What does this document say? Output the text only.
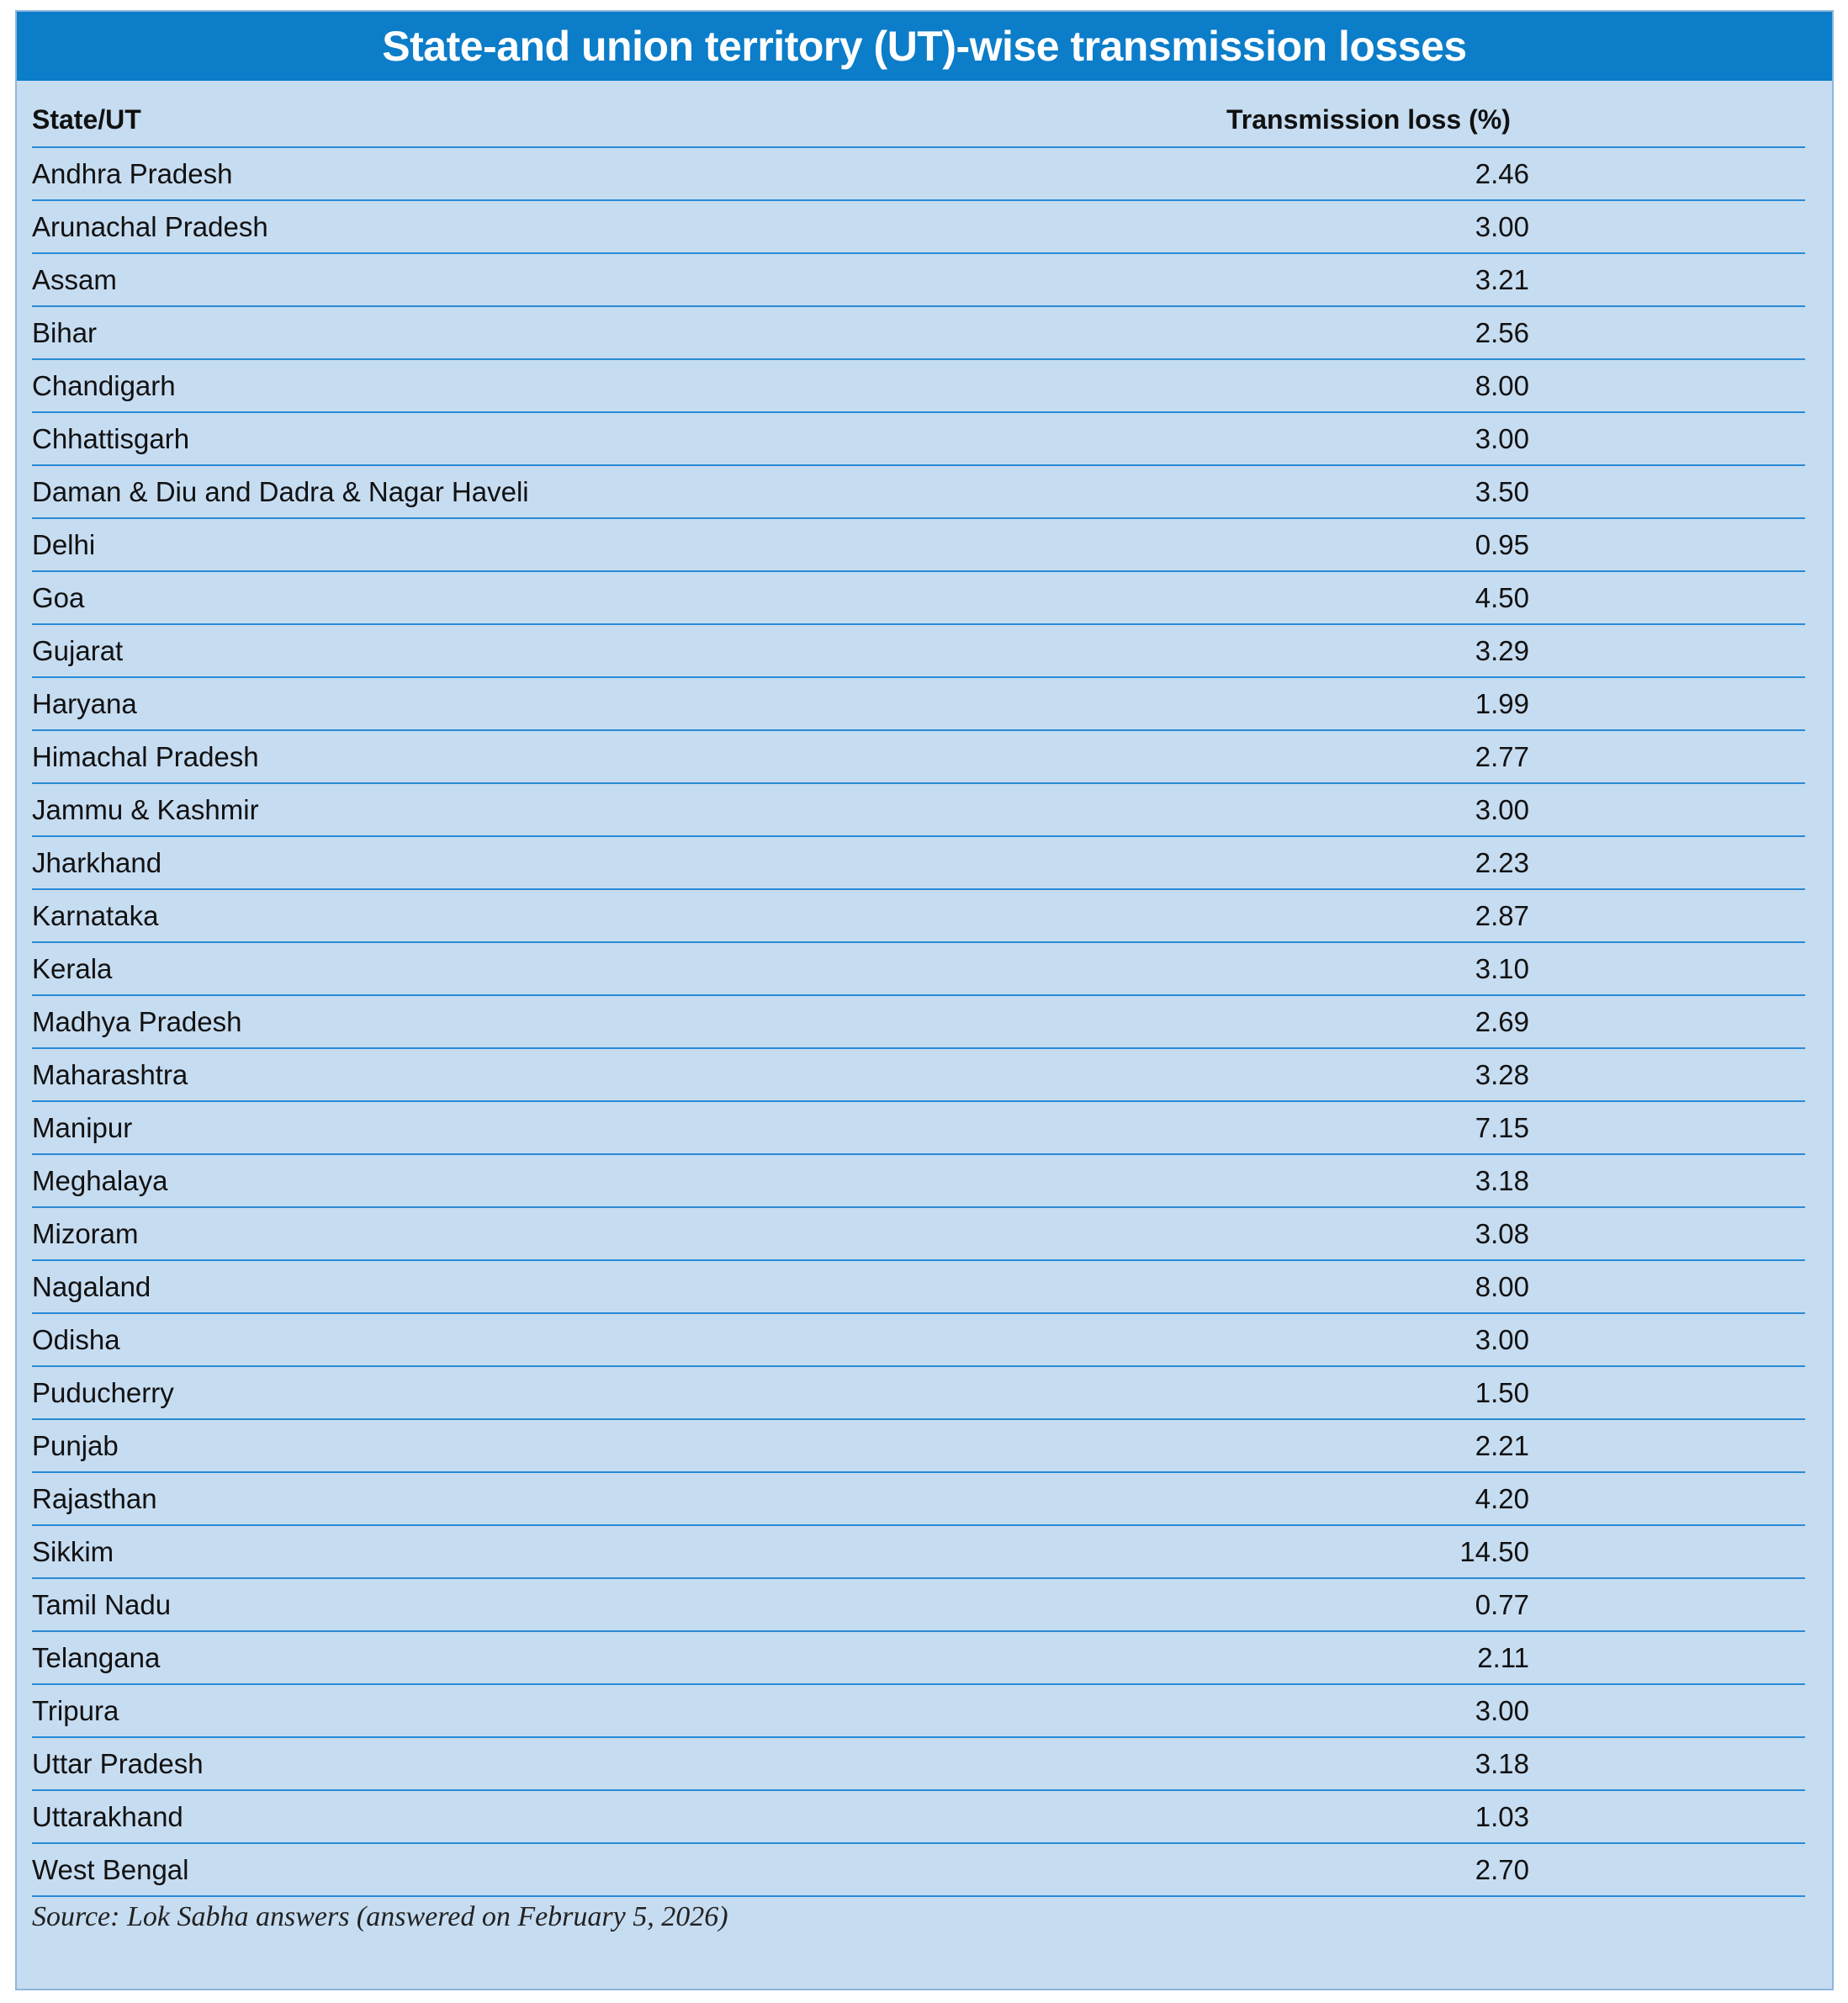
State-and union territory (UT)-wise transmission losses
State/UT	Transmission loss (%)
Andhra Pradesh	2.46
Arunachal Pradesh	3.00
Assam	3.21
Bihar	2.56
Chandigarh	8.00
Chhattisgarh	3.00
Daman & Diu and Dadra & Nagar Haveli	3.50
Delhi	0.95
Goa	4.50
Gujarat	3.29
Haryana	1.99
Himachal Pradesh	2.77
Jammu & Kashmir	3.00
Jharkhand	2.23
Karnataka	2.87
Kerala	3.10
Madhya Pradesh	2.69
Maharashtra	3.28
Manipur	7.15
Meghalaya	3.18
Mizoram	3.08
Nagaland	8.00
Odisha	3.00
Puducherry	1.50
Punjab	2.21
Rajasthan	4.20
Sikkim	14.50
Tamil Nadu	0.77
Telangana	2.11
Tripura	3.00
Uttar Pradesh	3.18
Uttarakhand	1.03
West Bengal	2.70
Source: Lok Sabha answers (answered on February 5, 2026)
